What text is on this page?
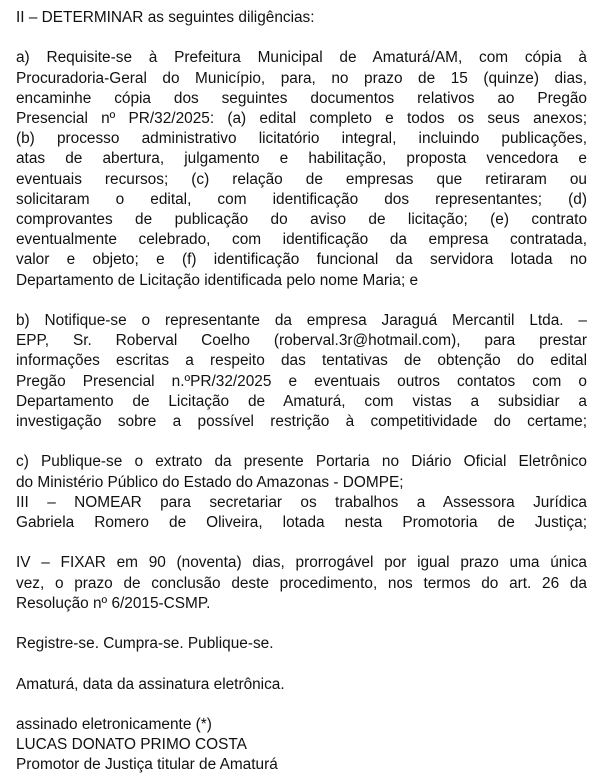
II – DETERMINAR as seguintes diligências:

a) Requisite-se à Prefeitura Municipal de Amaturá/AM, com cópia à
Procuradoria-Geral do Município, para, no prazo de 15 (quinze) dias,
encaminhe cópia dos seguintes documentos relativos ao Pregão
Presencial nº PR/32/2025: (a) edital completo e todos os seus anexos;
(b) processo administrativo licitatório integral, incluindo publicações,
atas de abertura, julgamento e habilitação, proposta vencedora e
eventuais recursos; (c) relação de empresas que retiraram ou
solicitaram o edital, com identificação dos representantes; (d)
comprovantes de publicação do aviso de licitação; (e) contrato
eventualmente celebrado, com identificação da empresa contratada,
valor e objeto; e (f) identificação funcional da servidora lotada no
Departamento de Licitação identificada pelo nome Maria; e
b) Notifique-se o representante da empresa Jaraguá Mercantil Ltda. –
EPP, Sr. Roberval Coelho (roberval.3r@hotmail.com), para prestar
informações escritas a respeito das tentativas de obtenção do edital
Pregão Presencial n.ºPR/32/2025 e eventuais outros contatos com o
Departamento de Licitação de Amaturá, com vistas a subsidiar a
investigação sobre a possível restrição à competitividade do certame;
c) Publique-se o extrato da presente Portaria no Diário Oficial Eletrônico
do Ministério Público do Estado do Amazonas - DOMPE;
III – NOMEAR para secretariar os trabalhos a Assessora Jurídica
Gabriela Romero de Oliveira, lotada nesta Promotoria de Justiça;
IV – FIXAR em 90 (noventa) dias, prorrogável por igual prazo uma única
vez, o prazo de conclusão deste procedimento, nos termos do art. 26 da
Resolução nº 6/2015-CSMP.

Registre-se. Cumpra-se. Publique-se.

Amaturá, data da assinatura eletrônica.

assinado eletronicamente (*)
LUCAS DONATO PRIMO COSTA
Promotor de Justiça titular de Amaturá
